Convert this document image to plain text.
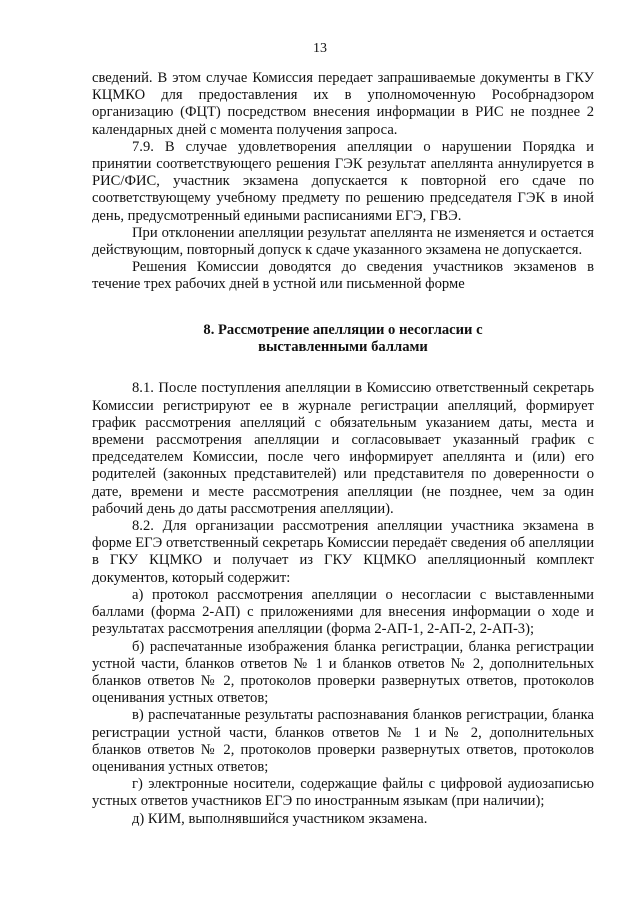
13

сведений. В этом случае Комиссия передает запрашиваемые документы в ГКУ КЦМКО для предоставления их в уполномоченную Рособрнадзором организацию (ФЦТ) посредством внесения информации в РИС не позднее 2 календарных дней с момента получения запроса.

7.9. В случае удовлетворения апелляции о нарушении Порядка и принятии соответствующего решения ГЭК результат апеллянта аннулируется в РИС/ФИС, участник экзамена допускается к повторной его сдаче по соответствующему учебному предмету по решению председателя ГЭК в иной день, предусмотренный едиными расписаниями ЕГЭ, ГВЭ.

При отклонении апелляции результат апеллянта не изменяется и остается действующим, повторный допуск к сдаче указанного экзамена не допускается.

Решения Комиссии доводятся до сведения участников экзаменов в течение трех рабочих дней в устной или письменной форме

8. Рассмотрение апелляции о несогласии с
выставленными баллами

8.1. После поступления апелляции в Комиссию ответственный секретарь Комиссии регистрируют ее в журнале регистрации апелляций, формирует график рассмотрения апелляций с обязательным указанием даты, места и времени рассмотрения апелляции и согласовывает указанный график с председателем Комиссии, после чего информирует апеллянта и (или) его родителей (законных представителей) или представителя по доверенности о дате, времени и месте рассмотрения апелляции (не позднее, чем за один рабочий день до даты рассмотрения апелляции).

8.2. Для организации рассмотрения апелляции участника экзамена в форме ЕГЭ ответственный секретарь Комиссии передаёт сведения об апелляции в ГКУ КЦМКО и получает из ГКУ КЦМКО апелляционный комплект документов, который содержит:

а) протокол рассмотрения апелляции о несогласии с выставленными баллами (форма 2-АП) с приложениями для внесения информации о ходе и результатах рассмотрения апелляции (форма 2-АП-1, 2-АП-2, 2-АП-3);

б) распечатанные изображения бланка регистрации, бланка регистрации устной части, бланков ответов № 1 и бланков ответов № 2, дополнительных бланков ответов № 2, протоколов проверки развернутых ответов, протоколов оценивания устных ответов;

в) распечатанные результаты распознавания бланков регистрации, бланка регистрации устной части, бланков ответов № 1 и № 2, дополнительных бланков ответов № 2, протоколов проверки развернутых ответов, протоколов оценивания устных ответов;

г) электронные носители, содержащие файлы с цифровой аудиозаписью устных ответов участников ЕГЭ по иностранным языкам (при наличии);

д) КИМ, выполнявшийся участником экзамена.
